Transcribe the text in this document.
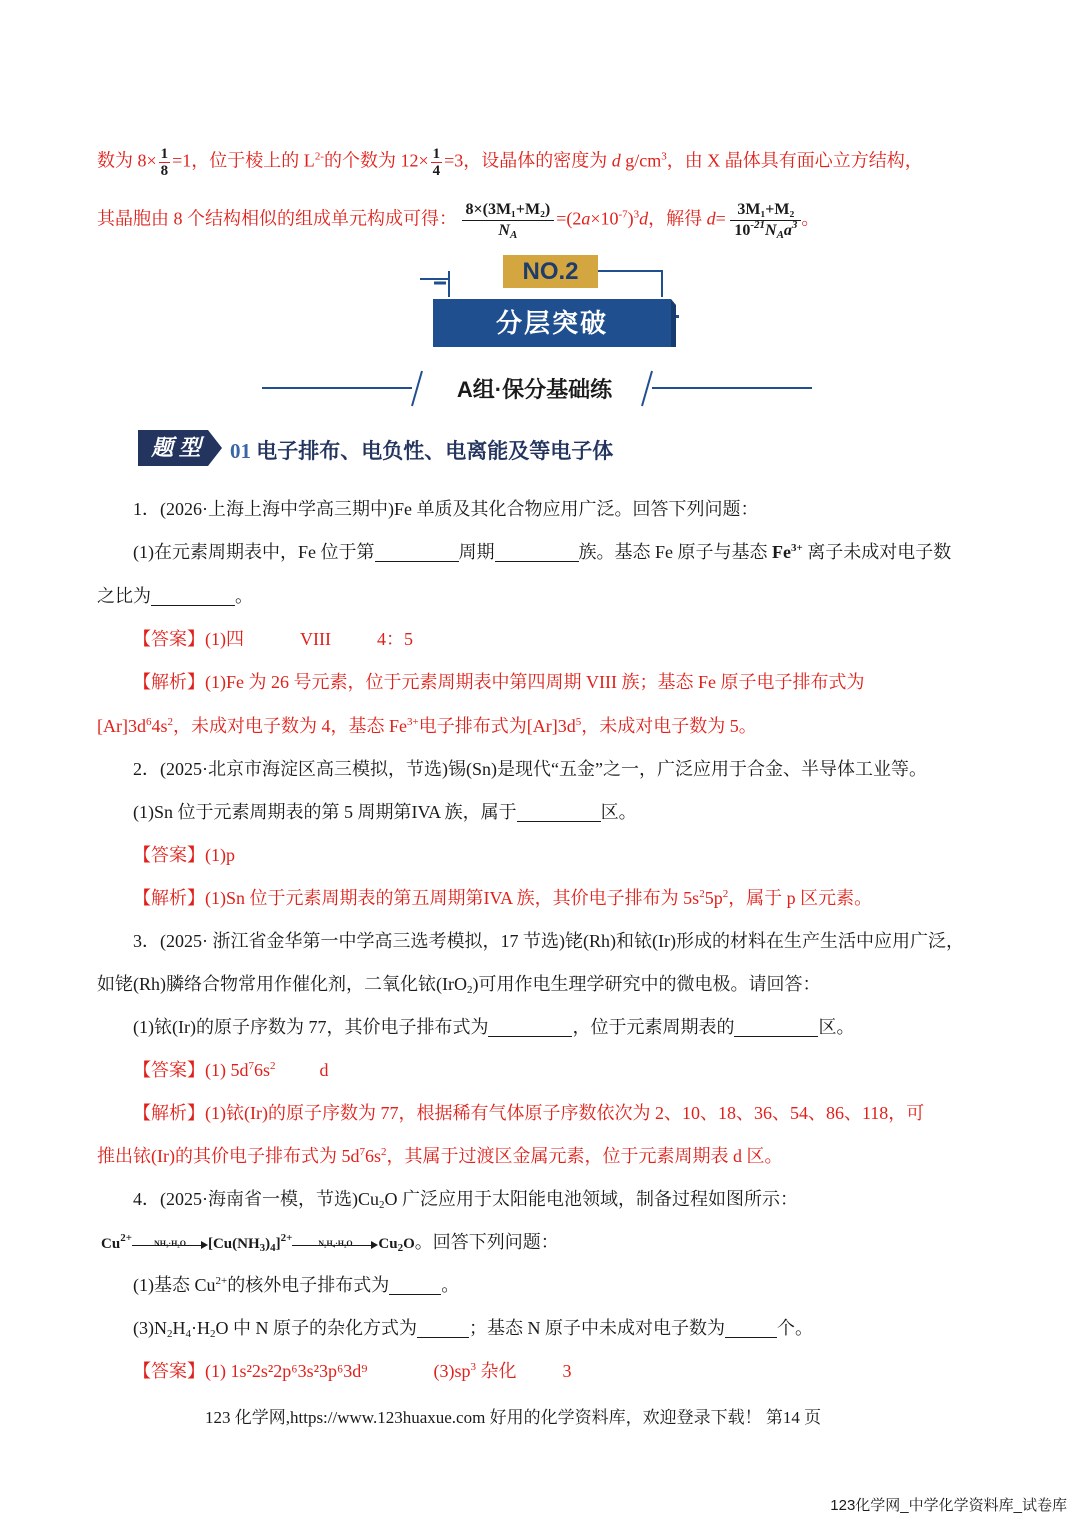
数为 $8\times \frac{1}{8} =1$，位于棱上的 $L^{2-}$的个数为 $12\times \frac{1}{4} =3$，设晶体的密度为 d $g/cm^3$，由 X 晶体具有面心立方结构，
其晶胞由 8 个结构相似的组成单元构成可得： $\frac{\text{8×(3M₁+M₂)}}{N_A} =(2a\times 10^{-7})^3d$，解得 d= 3M₁+M₂
$10^{-21}N_Aa^3$ 。
NO.2
分层突破
A组·保分基础练
题 型	01 电子排布、电负性、电离能及等电子体
1．(2026·上海上海中学高三期中)Fe 单质及其化合物应用广泛。回答下列问题：
(1)在元素周期表中，Fe 位于第	周期	族。基态 Fe 原子与基态 $Fe^{3+}$ 离子未成对电子数
之比为	。
【答案】(1)四	VIII	4：5
【解析】(1)Fe 为 26 号元素，位于元素周期表中第四周期 VIII 族；基态 Fe 原子电子排布式为
$[Ar]3d^64s^2$，未成对电子数为 4，基态 $Fe^{3+}$电子排布式为$[Ar]3d^5$，未成对电子数为 5。
2．(2025·北京市海淀区高三模拟，节选)锡(Sn)是现代“五金”之一，广泛应用于合金、半导体工业等。
(1)Sn 位于元素周期表的第 5 周期第IVA 族，属于	区。
【答案】(1)p
【解析】(1)Sn 位于元素周期表的第五周期第IVA 族，其价电子排布为 $5s^25p^2$，属于 p 区元素。
3．(2025· 浙江省金华第一中学高三选考模拟，17 节选)铑(Rh)和铱(Ir)形成的材料在生产生活中应用广泛，
如铑(Rh)膦络合物常用作催化剂，二氧化铱(IrO$_2$)可用作电生理学研究中的微电极。请回答：
(1)铱(Ir)的原子序数为 77，其价电子排布式为	，位于元素周期表的	区。
【答案】(1) $5d^76s^2$ d
【解析】(1)铱(Ir)的原子序数为 77，根据稀有气体原子序数依次为 2、10、18、36、54、86、118，可
推出铱(Ir)的其价电子排布式为 $5d^76s^2$，其属于过渡区金属元素，位于元素周期表 d 区。
4．(2025·海南省一模，节选)$Cu_2O$ 广泛应用于太阳能电池领域，制备过程如图所示：
$Cu^{2+}$	NH₃·H₂O	$[Cu(NH_3)_4]^{2+}$	N₂H₄·H₂O	$Cu_2O$。回答下列问题：
(1)基态 $Cu^{2+}$的核外电子排布式为	。
$(3)N_2H_4\cdot H_2O$ 中 N 原子的杂化方式为	；基态 N 原子中未成对电子数为	个。
【答案】(1) 1s²2s²2p⁶3s²3p⁶3d⁹	$(3)sp^3$ 杂化	3
123 化学网,https://www.123huaxue.com 好用的化学资料库，欢迎登录下载！ 第14 页
123化学网_中学化学资料库_试卷库
